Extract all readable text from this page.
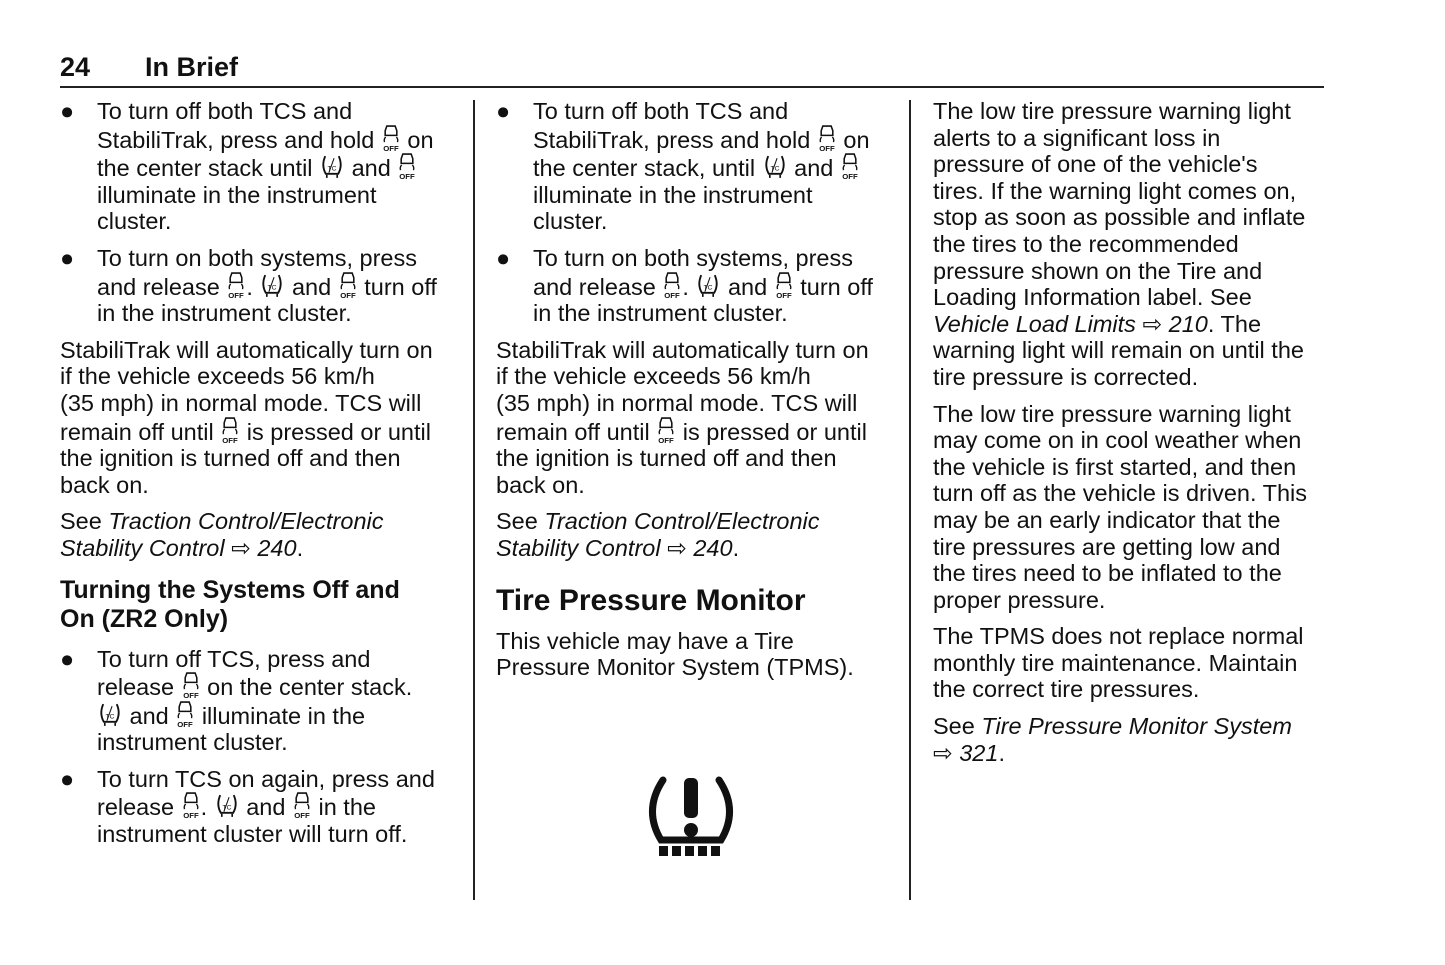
24 In Brief
● To turn off both TCS and
StabiliTrak, press and hold on
the center stack until and
illuminate in the instrument
cluster.
● To turn on both systems, press
and release . and turn off
in the instrument cluster.

StabiliTrak will automatically turn on
if the vehicle exceeds 56 km/h
(35 mph) in normal mode. TCS will
remain off until is pressed or until
the ignition is turned off and then
back on.

See Traction Control/Electronic
Stability Control ⇨ 240.

Turning the Systems Off and
On (ZR2 Only)
● To turn off TCS, press and
release on the center stack.
and illuminate in the
instrument cluster.
● To turn TCS on again, press and
release . and in the
instrument cluster will turn off.
● To turn off both TCS and
StabiliTrak, press and hold on
the center stack, until and
illuminate in the instrument
cluster.
● To turn on both systems, press
and release . and turn off
in the instrument cluster.

StabiliTrak will automatically turn on
if the vehicle exceeds 56 km/h
(35 mph) in normal mode. TCS will
remain off until is pressed or until
the ignition is turned off and then
back on.

See Traction Control/Electronic
Stability Control ⇨ 240.

Tire Pressure Monitor

This vehicle may have a Tire
Pressure Monitor System (TPMS).

The low tire pressure warning light
alerts to a significant loss in
pressure of one of the vehicle's
tires. If the warning light comes on,
stop as soon as possible and inflate
the tires to the recommended
pressure shown on the Tire and
Loading Information label. See
Vehicle Load Limits ⇨ 210. The
warning light will remain on until the
tire pressure is corrected.

The low tire pressure warning light
may come on in cool weather when
the vehicle is first started, and then
turn off as the vehicle is driven. This
may be an early indicator that the
tire pressures are getting low and
the tires need to be inflated to the
proper pressure.

The TPMS does not replace normal
monthly tire maintenance. Maintain
the correct tire pressures.

See Tire Pressure Monitor System
⇨ 321.
